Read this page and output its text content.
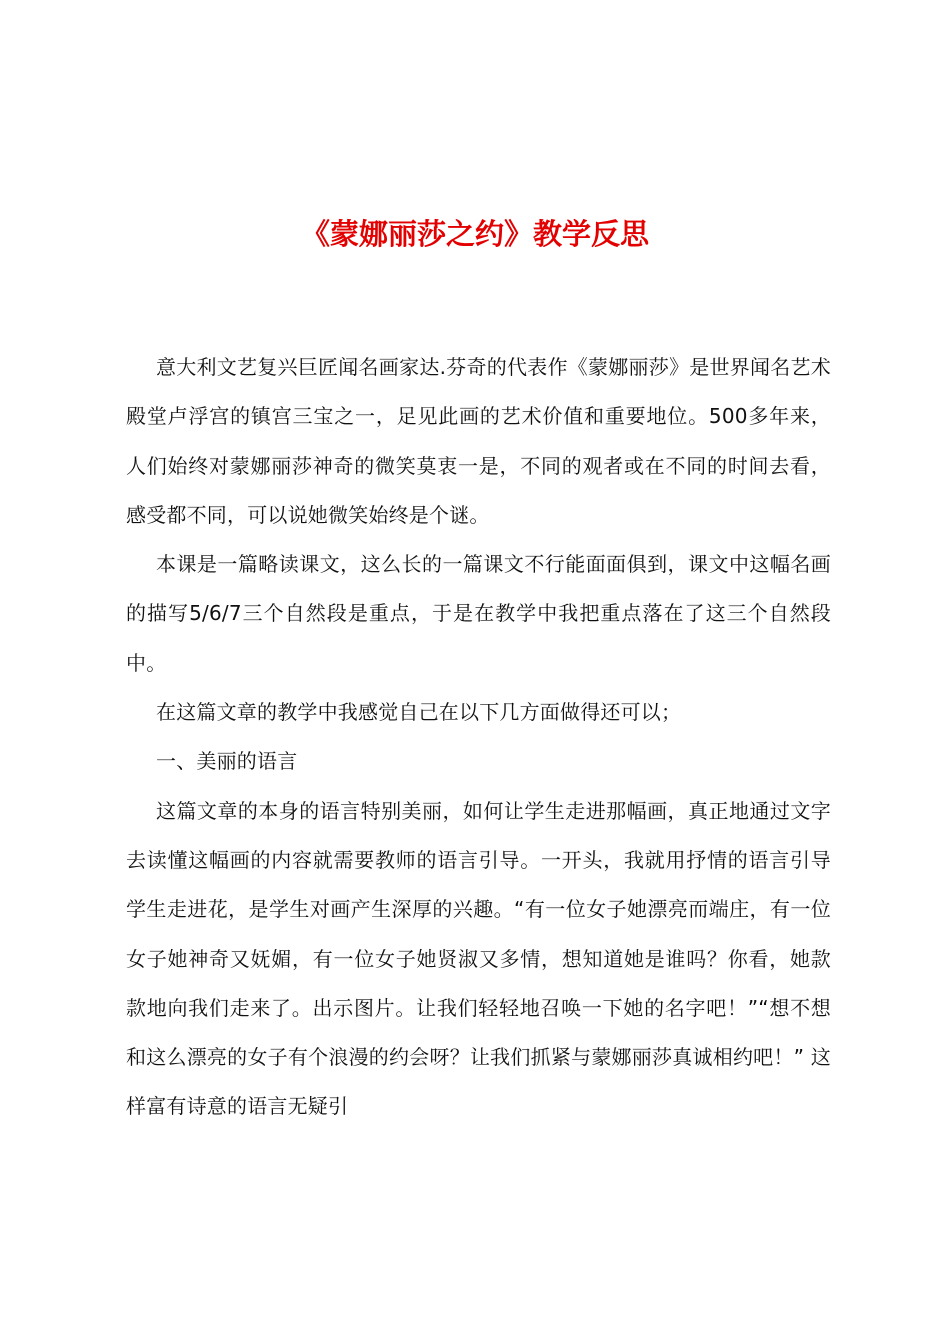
《蒙娜丽莎之约》教学反思

意大利文艺复兴巨匠闻名画家达.芬奇的代表作《蒙娜丽莎》是世界闻名艺术殿堂卢浮宫的镇宫三宝之一，足见此画的艺术价值和重要地位。500多年来，人们始终对蒙娜丽莎神奇的微笑莫衷一是，不同的观者或在不同的时间去看，感受都不同，可以说她微笑始终是个谜。

本课是一篇略读课文，这么长的一篇课文不行能面面俱到，课文中这幅名画的描写5/6/7三个自然段是重点，于是在教学中我把重点落在了这三个自然段中。

在这篇文章的教学中我感觉自己在以下几方面做得还可以；

一、美丽的语言

这篇文章的本身的语言特别美丽，如何让学生走进那幅画，真正地通过文字去读懂这幅画的内容就需要教师的语言引导。一开头，我就用抒情的语言引导学生走进花，是学生对画产生深厚的兴趣。“有一位女子她漂亮而端庄，有一位女子她神奇又妩媚，有一位女子她贤淑又多情，想知道她是谁吗？你看，她款款地向我们走来了。出示图片。让我们轻轻地召唤一下她的名字吧！”“想不想和这么漂亮的女子有个浪漫的约会呀？让我们抓紧与蒙娜丽莎真诚相约吧！” 这样富有诗意的语言无疑引
